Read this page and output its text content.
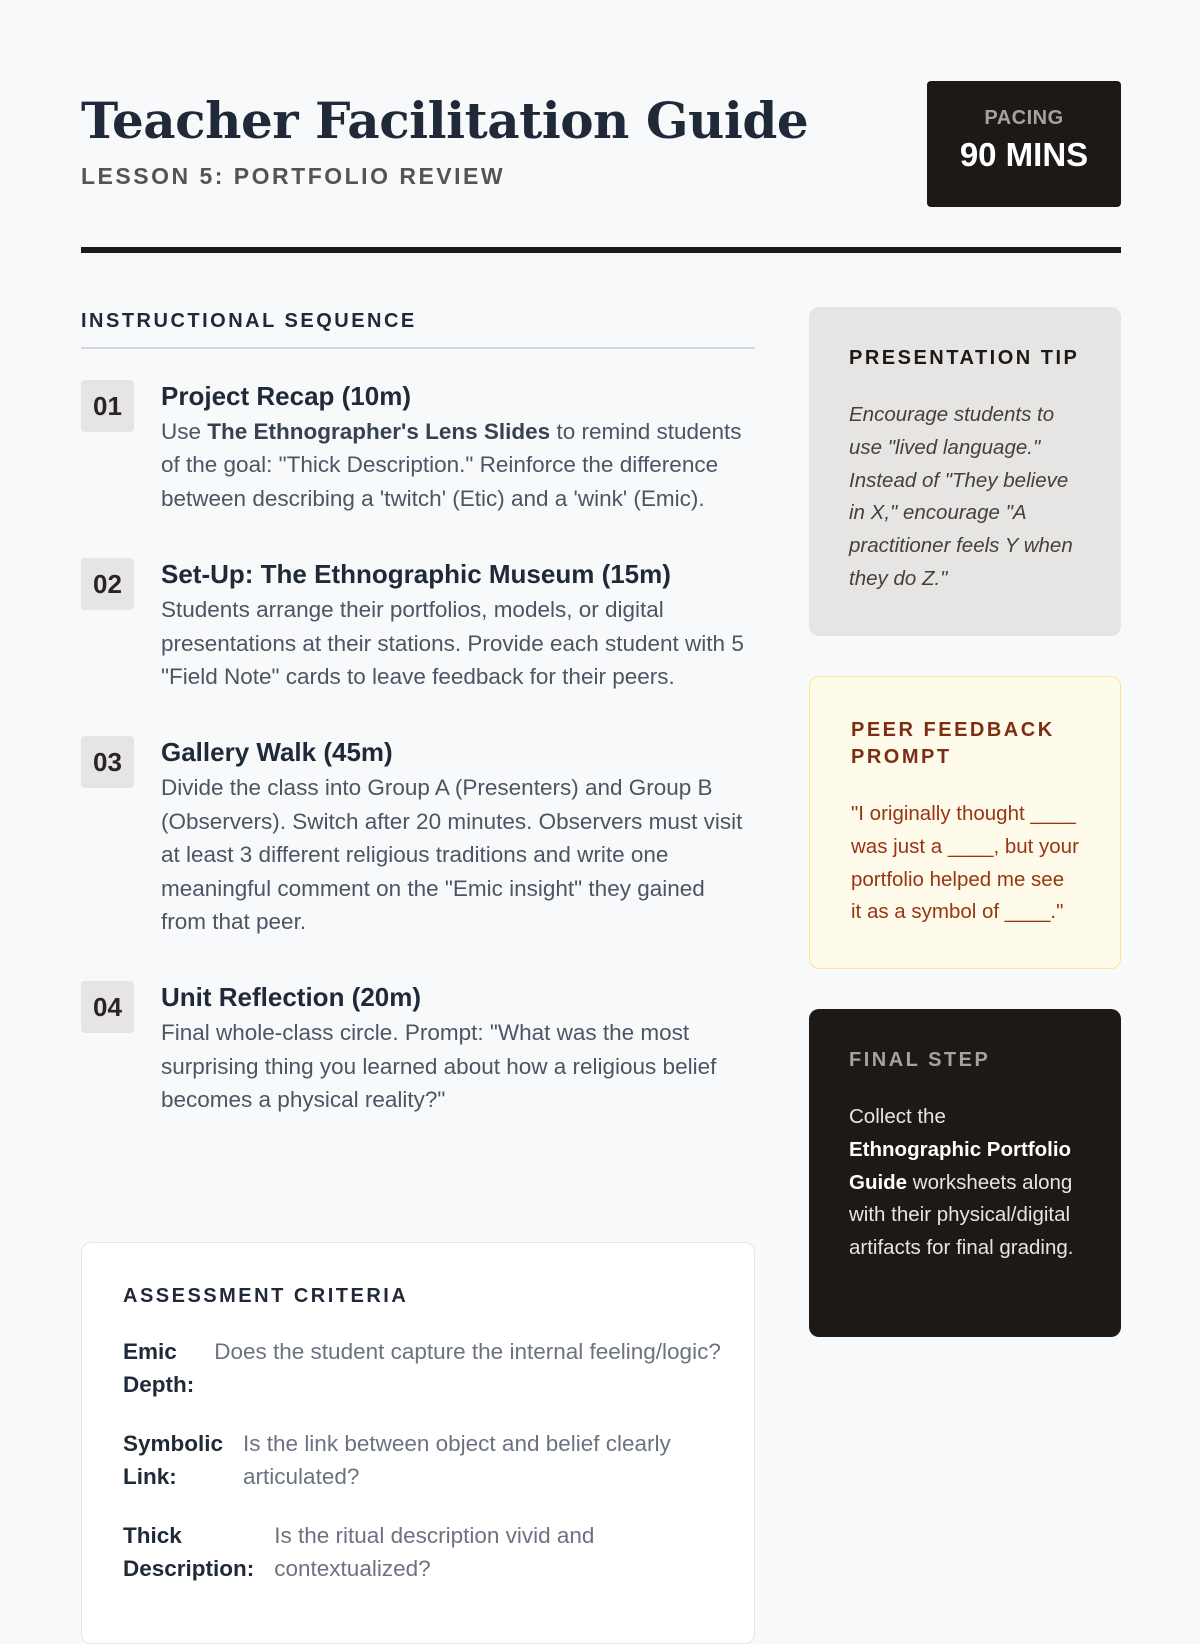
Teacher Facilitation Guide
LESSON 5: PORTFOLIO REVIEW
PACING
90 MINS
INSTRUCTIONAL SEQUENCE
01	Project Recap (10m)
Use The Ethnographer's Lens Slides to remind students of the goal: "Thick Description." Reinforce the difference between describing a 'twitch' (Etic) and a 'wink' (Emic).
02	Set-Up: The Ethnographic Museum (15m)
Students arrange their portfolios, models, or digital presentations at their stations. Provide each student with 5 "Field Note" cards to leave feedback for their peers.
03	Gallery Walk (45m)
Divide the class into Group A (Presenters) and Group B (Observers). Switch after 20 minutes. Observers must visit at least 3 different religious traditions and write one meaningful comment on the "Emic insight" they gained from that peer.
04	Unit Reflection (20m)
Final whole-class circle. Prompt: "What was the most surprising thing you learned about how a religious belief becomes a physical reality?"
ASSESSMENT CRITERIA
Emic
Depth:
Does the student capture the internal feeling/logic?
Symbolic
Link:
Is the link between object and belief clearly articulated?
Thick
Description:
Is the ritual description vivid and contextualized?
PRESENTATION TIP
Encourage students to use "lived language." Instead of "They believe in X," encourage "A practitioner feels Y when they do Z."
PEER FEEDBACK PROMPT
"I originally thought ____ was just a ____, but your portfolio helped me see it as a symbol of ____."
FINAL STEP
Collect the Ethnographic Portfolio Guide worksheets along with their physical/digital artifacts for final grading.
